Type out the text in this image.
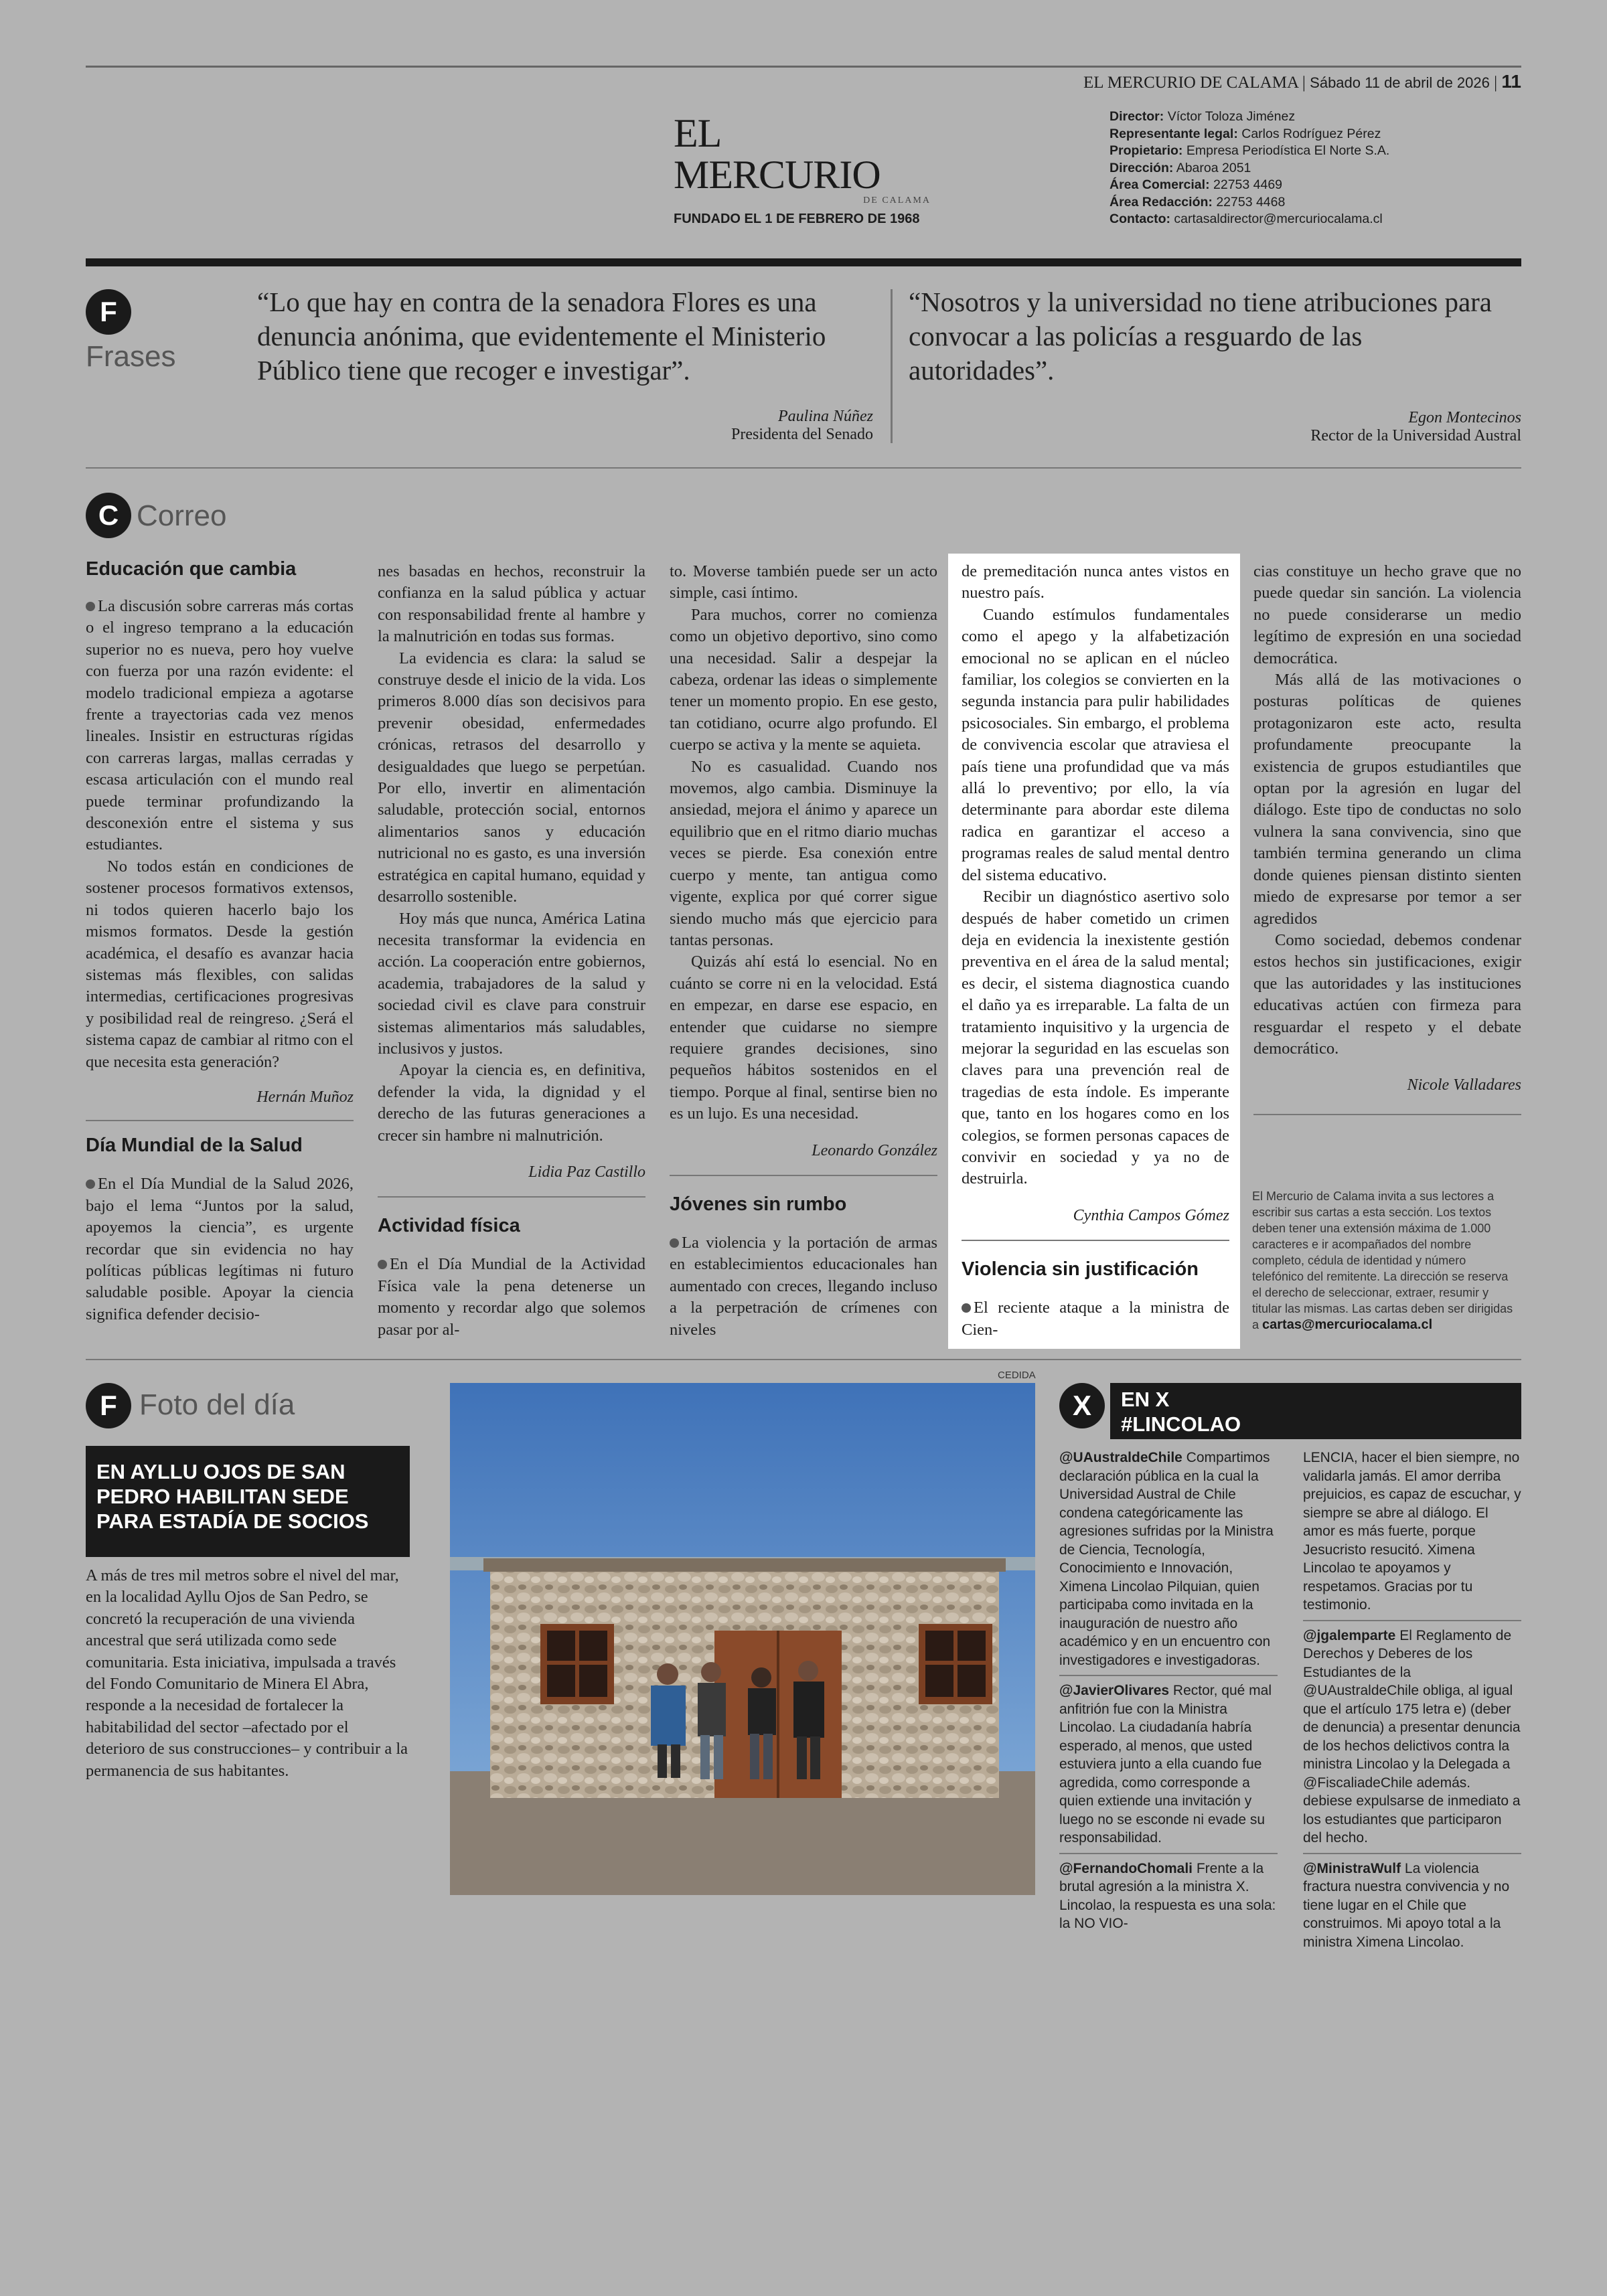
EL MERCURIO DE CALAMA | Sábado 11 de abril de 2026 | 11
EL MERCURIO
DE CALAMA
FUNDADO EL 1 DE FEBRERO DE 1968
Director: Víctor Toloza Jiménez
Representante legal: Carlos Rodríguez Pérez
Propietario: Empresa Periodística El Norte S.A.
Dirección: Abaroa 2051
Área Comercial: 22753 4469
Área Redacción: 22753 4468
Contacto: cartasaldirector@mercuriocalama.cl
F
Frases
“Lo que hay en contra de la senadora Flores es una denuncia anónima, que evidentemente el Ministerio Público tiene que recoger e investigar”.
Paulina Núñez
Presidenta del Senado
“Nosotros y la universidad no tiene atribuciones para convocar a las policías a resguardo de las autoridades”.
Egon Montecinos
Rector de la Universidad Austral
C Correo
Educación que cambia

La discusión sobre carreras más cortas o el ingreso temprano a la educación superior no es nueva, pero hoy vuelve con fuerza por una razón evidente: el modelo tradicional empieza a agotarse frente a trayectorias cada vez menos lineales. Insistir en estructuras rígidas con carreras largas, mallas cerradas y escasa articulación con el mundo real puede terminar profundizando la desconexión entre el sistema y sus estudiantes.

No todos están en condiciones de sostener procesos formativos extensos, ni todos quieren hacerlo bajo los mismos formatos. Desde la gestión académica, el desafío es avanzar hacia sistemas más flexibles, con salidas intermedias, certificaciones progresivas y posibilidad real de reingreso. ¿Será el sistema capaz de cambiar al ritmo con el que necesita esta generación?

Hernán Muñoz
Día Mundial de la Salud

En el Día Mundial de la Salud 2026, bajo el lema “Juntos por la salud, apoyemos la ciencia”, es urgente recordar que sin evidencia no hay políticas públicas legítimas ni futuro saludable posible. Apoyar la ciencia significa defender decisio-

nes basadas en hechos, reconstruir la confianza en la salud pública y actuar con responsabilidad frente al hambre y la malnutrición en todas sus formas.

La evidencia es clara: la salud se construye desde el inicio de la vida. Los primeros 8.000 días son decisivos para prevenir obesidad, enfermedades crónicas, retrasos del desarrollo y desigualdades que luego se perpetúan. Por ello, invertir en alimentación saludable, protección social, entornos alimentarios sanos y educación nutricional no es gasto, es una inversión estratégica en capital humano, equidad y desarrollo sostenible.

Hoy más que nunca, América Latina necesita transformar la evidencia en acción. La cooperación entre gobiernos, academia, trabajadores de la salud y sociedad civil es clave para construir sistemas alimentarios más saludables, inclusivos y justos.

Apoyar la ciencia es, en definitiva, defender la vida, la dignidad y el derecho de las futuras generaciones a crecer sin hambre ni malnutrición.

Lidia Paz Castillo
Actividad física

En el Día Mundial de la Actividad Física vale la pena detenerse un momento y recordar algo que solemos pasar por al-

to. Moverse también puede ser un acto simple, casi íntimo.

Para muchos, correr no comienza como un objetivo deportivo, sino como una necesidad. Salir a despejar la cabeza, ordenar las ideas o simplemente tener un momento propio. En ese gesto, tan cotidiano, ocurre algo profundo. El cuerpo se activa y la mente se aquieta.

No es casualidad. Cuando nos movemos, algo cambia. Disminuye la ansiedad, mejora el ánimo y aparece un equilibrio que en el ritmo diario muchas veces se pierde. Esa conexión entre cuerpo y mente, tan antigua como vigente, explica por qué correr sigue siendo mucho más que ejercicio para tantas personas.

Quizás ahí está lo esencial. No en cuánto se corre ni en la velocidad. Está en empezar, en darse ese espacio, en entender que cuidarse no siempre requiere grandes decisiones, sino pequeños hábitos sostenidos en el tiempo. Porque al final, sentirse bien no es un lujo. Es una necesidad.

Leonardo González
Jóvenes sin rumbo

La violencia y la portación de armas en establecimientos educacionales han aumentado con creces, llegando incluso a la perpetración de crímenes con niveles

de premeditación nunca antes vistos en nuestro país.

Cuando estímulos fundamentales como el apego y la alfabetización emocional no se aplican en el núcleo familiar, los colegios se convierten en la segunda instancia para pulir habilidades psicosociales. Sin embargo, el problema de convivencia escolar que atraviesa el país tiene una profundidad que va más allá lo preventivo; por ello, la vía determinante para abordar este dilema radica en garantizar el acceso a programas reales de salud mental dentro del sistema educativo.

Recibir un diagnóstico asertivo solo después de haber cometido un crimen deja en evidencia la inexistente gestión preventiva en el área de la salud mental; es decir, el sistema diagnostica cuando el daño ya es irreparable. La falta de un tratamiento inquisitivo y la urgencia de mejorar la seguridad en las escuelas son claves para una prevención real de tragedias de esta índole. Es imperante que, tanto en los hogares como en los colegios, se formen personas capaces de convivir en sociedad y ya no de destruirla.

Cynthia Campos Gómez
Violencia sin justificación

El reciente ataque a la ministra de Cien-

cias constituye un hecho grave que no puede quedar sin sanción. La violencia no puede considerarse un medio legítimo de expresión en una sociedad democrática.

Más allá de las motivaciones o posturas políticas de quienes protagonizaron este acto, resulta profundamente preocupante la existencia de grupos estudiantiles que optan por la agresión en lugar del diálogo. Este tipo de conductas no solo vulnera la sana convivencia, sino que también termina generando un clima donde quienes piensan distinto sienten miedo de expresarse por temor a ser agredidos

Como sociedad, debemos condenar estos hechos sin justificaciones, exigir que las autoridades y las instituciones educativas actúen con firmeza para resguardar el respeto y el debate democrático.

Nicole Valladares
El Mercurio de Calama invita a sus lectores a escribir sus cartas a esta sección. Los textos deben tener una extensión máxima de 1.000 caracteres e ir acompañados del nombre completo, cédula de identidad y número telefónico del remitente. La dirección se reserva el derecho de seleccionar, extraer, resumir y titular las mismas. Las cartas deben ser dirigidas a cartas@mercuriocalama.cl
F Foto del día
EN AYLLU OJOS DE SAN PEDRO HABILITAN SEDE PARA ESTADÍA DE SOCIOS
A más de tres mil metros sobre el nivel del mar, en la localidad Ayllu Ojos de San Pedro, se concretó la recuperación de una vivienda ancestral que será utilizada como sede comunitaria. Esta iniciativa, impulsada a través del Fondo Comunitario de Minera El Abra, responde a la necesidad de fortalecer la habitabilidad del sector –afectado por el deterioro de sus construcciones– y contribuir a la permanencia de sus habitantes.
CEDIDA
X	EN X
#LINCOLAO
@UAustraldeChile Compartimos declaración pública en la cual la Universidad Austral de Chile condena categóricamente las agresiones sufridas por la Ministra de Ciencia, Tecnología, Conocimiento e Innovación, Ximena Lincolao Pilquian, quien participaba como invitada en la inauguración de nuestro año académico y en un encuentro con investigadores e investigadoras.
@JavierOlivares Rector, qué mal anfitrión fue con la Ministra Lincolao. La ciudadanía habría esperado, al menos, que usted estuviera junto a ella cuando fue agredida, como corresponde a quien extiende una invitación y luego no se esconde ni evade su responsabilidad.
@FernandoChomali Frente a la brutal agresión a la ministra X. Lincolao, la respuesta es una sola: la NO VIO-
LENCIA, hacer el bien siempre, no validarla jamás. El amor derriba prejuicios, es capaz de escuchar, y siempre se abre al diálogo. El amor es más fuerte, porque Jesucristo resucitó. Ximena Lincolao te apoyamos y respetamos. Gracias por tu testimonio.
@jgalemparte El Reglamento de Derechos y Deberes de los Estudiantes de la @UAustraldeChile obliga, al igual que el artículo 175 letra e) (deber de denuncia) a presentar denuncia de los hechos delictivos contra la ministra Lincolao y la Delegada a @FiscaliadeChile además. debiese expulsarse de inmediato a los estudiantes que participaron del hecho.
@MinistraWulf La violencia fractura nuestra convivencia y no tiene lugar en el Chile que construimos. Mi apoyo total a la ministra Ximena Lincolao.
